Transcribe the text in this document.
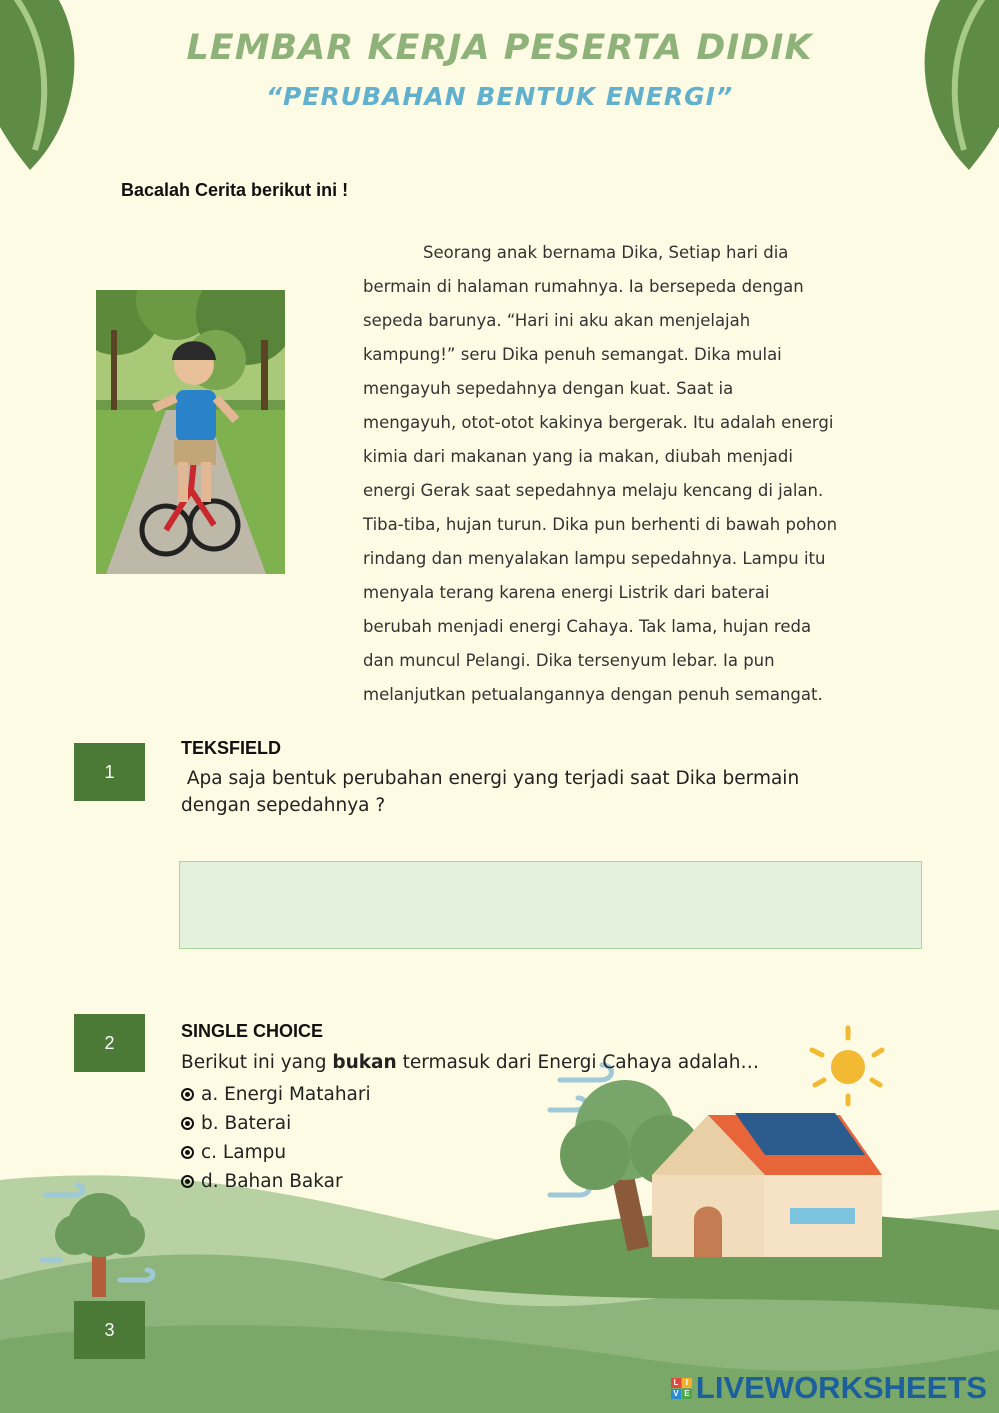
LEMBAR KERJA PESERTA DIDIK
“PERUBAHAN BENTUK ENERGI”
Bacalah Cerita berikut ini !

Seorang anak bernama Dika, Setiap hari dia

bermain di halaman rumahnya. Ia bersepeda dengan

sepeda barunya. “Hari ini aku akan menjelajah

kampung!” seru Dika penuh semangat. Dika mulai

mengayuh sepedahnya dengan kuat. Saat ia

mengayuh, otot-otot kakinya bergerak. Itu adalah energi

kimia dari makanan yang ia makan, diubah menjadi

energi Gerak saat sepedahnya melaju kencang di jalan.

Tiba-tiba, hujan turun. Dika pun berhenti di bawah pohon

rindang dan menyalakan lampu sepedahnya. Lampu itu

menyala terang karena energi Listrik dari baterai

berubah menjadi energi Cahaya. Tak lama, hujan reda

dan muncul Pelangi. Dika tersenyum lebar. Ia pun

melanjutkan petualangannya dengan penuh semangat.

1
TEKSFIELD
Apa saja bentuk perubahan energi yang terjadi saat Dika bermain
dengan sepedahnya ?
2
SINGLE CHOICE
Berikut ini yang bukan termasuk dari Energi Cahaya adalah…
a. Energi Matahari
b. Baterai
c. Lampu
d. Bahan Bakar
3
L I
V E LIVEWORKSHEETS
